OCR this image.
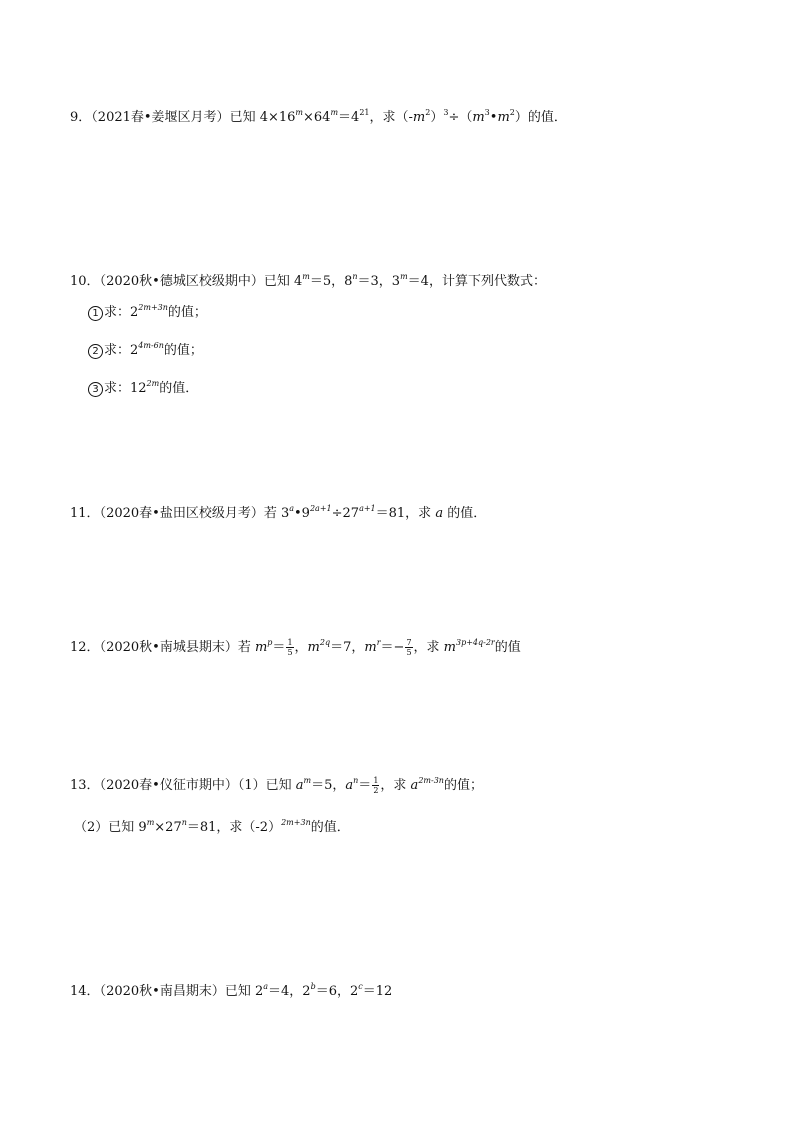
9．（2021春•姜堰区月考）已知 $4\times 16^m\times 64^m=4^{21}$，求$(-m^2)^3\div(m^3•m^2)$的值．
10．（2020秋•德城区校级期中）已知 $4^m=5$，$8^n=3$，$3^m=4$，计算下列代数式：
1 求：$2^{2m+3n}$的值；
2 求：$2^{4m-6n}$的值；
3 求：$12^{2m}$的值．
11．（2020春•盐田区校级月考）若 $3^a•9^{2a+1}\div 27^{a+1}=81$，求 a 的值．
12．（2020秋•南城县期末）若 $m^p= \frac{1}{5}$ ，$m^{2q}=7$，$m^r=- \frac{7}{5}$ ，求 $m^{3p+4q-2r}$的值
13．（2020春•仪征市期中）（1）已知 $a^m=5$，$a^n= \frac{1}{2}$ ，求 $a^{2m-3n}$的值；
（2）已知 $9^m\times 27^n=81$，求$(-2)^{2m+3n}$的值．
14．（2020秋•南昌期末）已知 $2^a=4$，$2^b=6$，$2^c=12$
